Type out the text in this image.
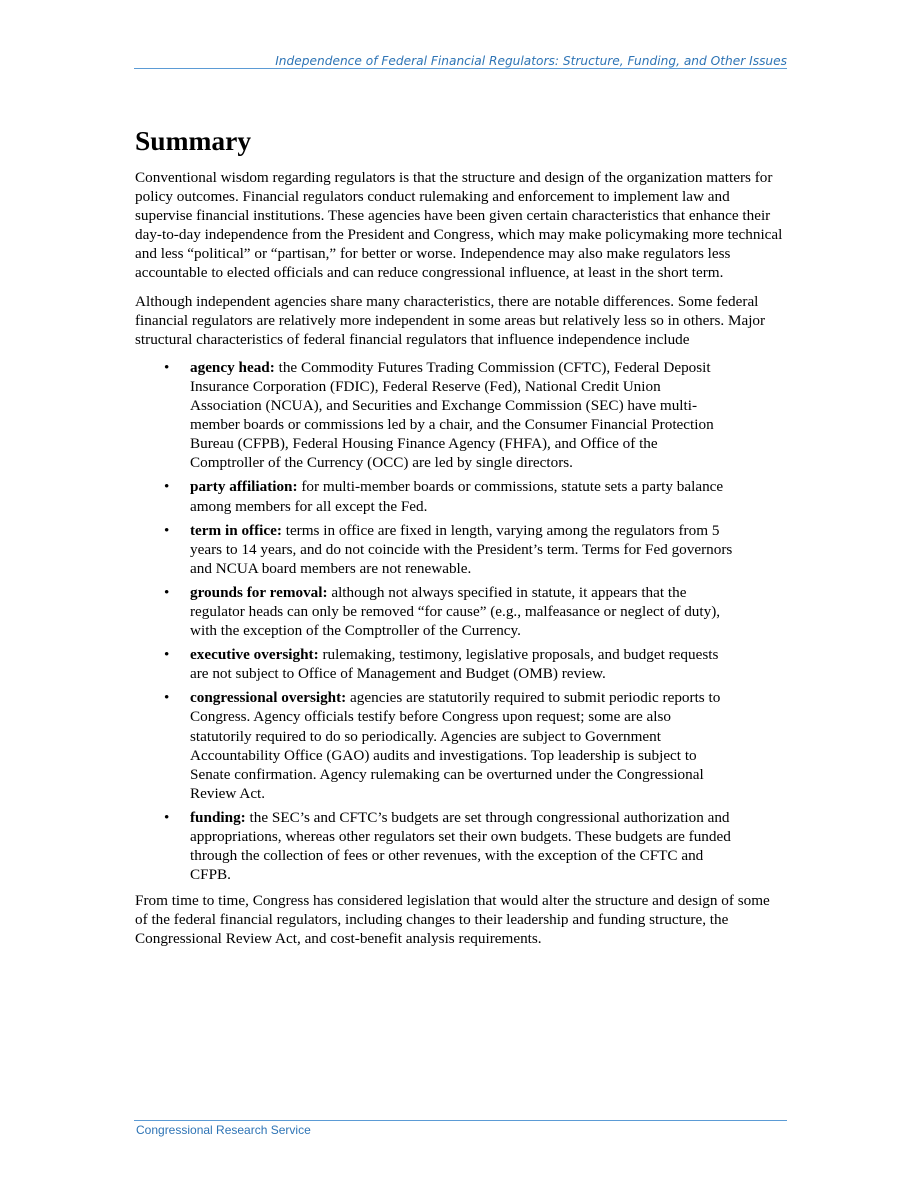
Independence of Federal Financial Regulators: Structure, Funding, and Other Issues
Summary

Conventional wisdom regarding regulators is that the structure and design of the organization matters for policy outcomes. Financial regulators conduct rulemaking and enforcement to implement law and supervise financial institutions. These agencies have been given certain characteristics that enhance their day-to-day independence from the President and Congress, which may make policymaking more technical and less “political” or “partisan,” for better or worse. Independence may also make regulators less accountable to elected officials and can reduce congressional influence, at least in the short term.

Although independent agencies share many characteristics, there are notable differences. Some federal financial regulators are relatively more independent in some areas but relatively less so in others. Major structural characteristics of federal financial regulators that influence independence include

• agency head: the Commodity Futures Trading Commission (CFTC), Federal Deposit Insurance Corporation (FDIC), Federal Reserve (Fed), National Credit Union Association (NCUA), and Securities and Exchange Commission (SEC) have multi-member boards or commissions led by a chair, and the Consumer Financial Protection Bureau (CFPB), Federal Housing Finance Agency (FHFA), and Office of the Comptroller of the Currency (OCC) are led by single directors.
• party affiliation: for multi-member boards or commissions, statute sets a party balance among members for all except the Fed.
• term in office: terms in office are fixed in length, varying among the regulators from 5 years to 14 years, and do not coincide with the President’s term. Terms for Fed governors and NCUA board members are not renewable.
• grounds for removal: although not always specified in statute, it appears that the regulator heads can only be removed “for cause” (e.g., malfeasance or neglect of duty), with the exception of the Comptroller of the Currency.
• executive oversight: rulemaking, testimony, legislative proposals, and budget requests are not subject to Office of Management and Budget (OMB) review.
• congressional oversight: agencies are statutorily required to submit periodic reports to Congress. Agency officials testify before Congress upon request; some are also statutorily required to do so periodically. Agencies are subject to Government Accountability Office (GAO) audits and investigations. Top leadership is subject to Senate confirmation. Agency rulemaking can be overturned under the Congressional Review Act.
• funding: the SEC’s and CFTC’s budgets are set through congressional authorization and appropriations, whereas other regulators set their own budgets. These budgets are funded through the collection of fees or other revenues, with the exception of the CFTC and CFPB.

From time to time, Congress has considered legislation that would alter the structure and design of some of the federal financial regulators, including changes to their leadership and funding structure, the Congressional Review Act, and cost-benefit analysis requirements.

Congressional Research Service
